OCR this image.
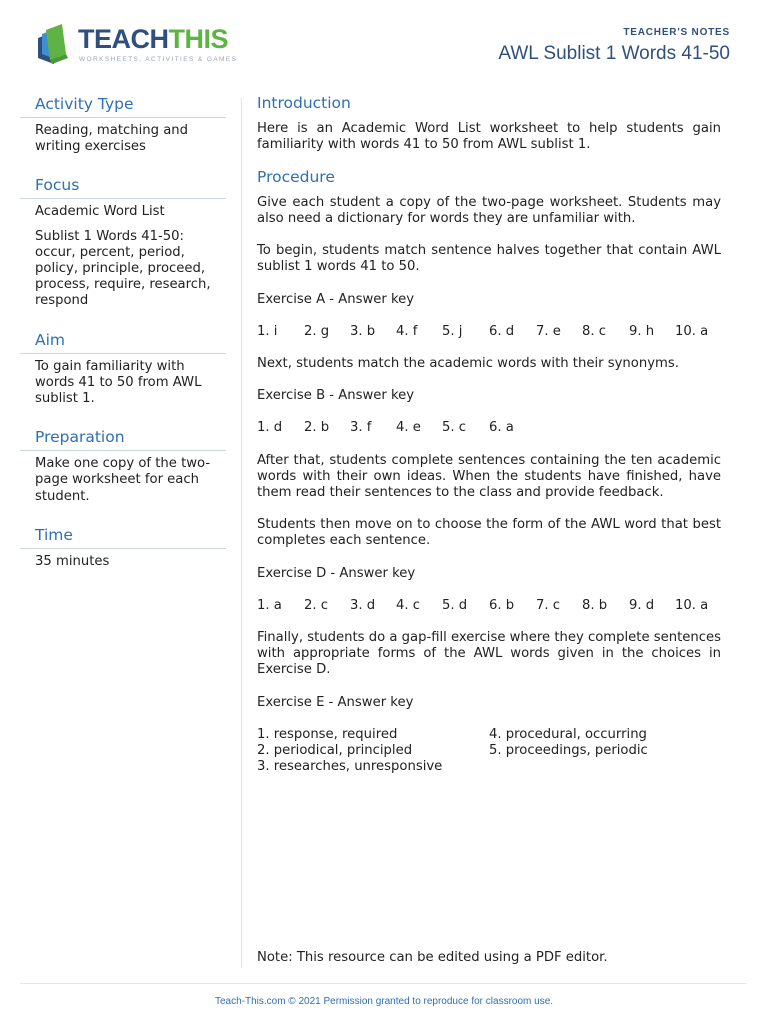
TEACHTHIS
WORKSHEETS, ACTIVITIES & GAMES
TEACHER'S NOTES
AWL Sublist 1 Words 41-50
Activity Type

Reading, matching and writing exercises

Focus

Academic Word List

Sublist 1 Words 41-50: occur, percent, period, policy, principle, proceed, process, require, research, respond

Aim

To gain familiarity with words 41 to 50 from AWL sublist 1.

Preparation

Make one copy of the two-page worksheet for each student.

Time

35 minutes

Introduction

Here is an Academic Word List worksheet to help students gain familiarity with words 41 to 50 from AWL sublist 1.

Procedure

Give each student a copy of the two-page worksheet. Students may also need a dictionary for words they are unfamiliar with.

To begin, students match sentence halves together that contain AWL sublist 1 words 41 to 50.

Exercise A - Answer key

1. i	2. g	3. b	4. f	5. j	6. d	7. e	8. c	9. h	10. a

Next, students match the academic words with their synonyms.

Exercise B - Answer key

1. d	2. b	3. f	4. e	5. c	6. a

After that, students complete sentences containing the ten academic words with their own ideas. When the students have finished, have them read their sentences to the class and provide feedback.

Students then move on to choose the form of the AWL word that best completes each sentence.

Exercise D - Answer key

1. a	2. c	3. d	4. c	5. d	6. b	7. c	8. b	9. d	10. a

Finally, students do a gap-fill exercise where they complete sentences with appropriate forms of the AWL words given in the choices in Exercise D.

Exercise E - Answer key

1. response, required
2. periodical, principled
3. researches, unresponsive
4. procedural, occurring
5. proceedings, periodic
Note: This resource can be edited using a PDF editor.
Teach-This.com © 2021 Permission granted to reproduce for classroom use.
